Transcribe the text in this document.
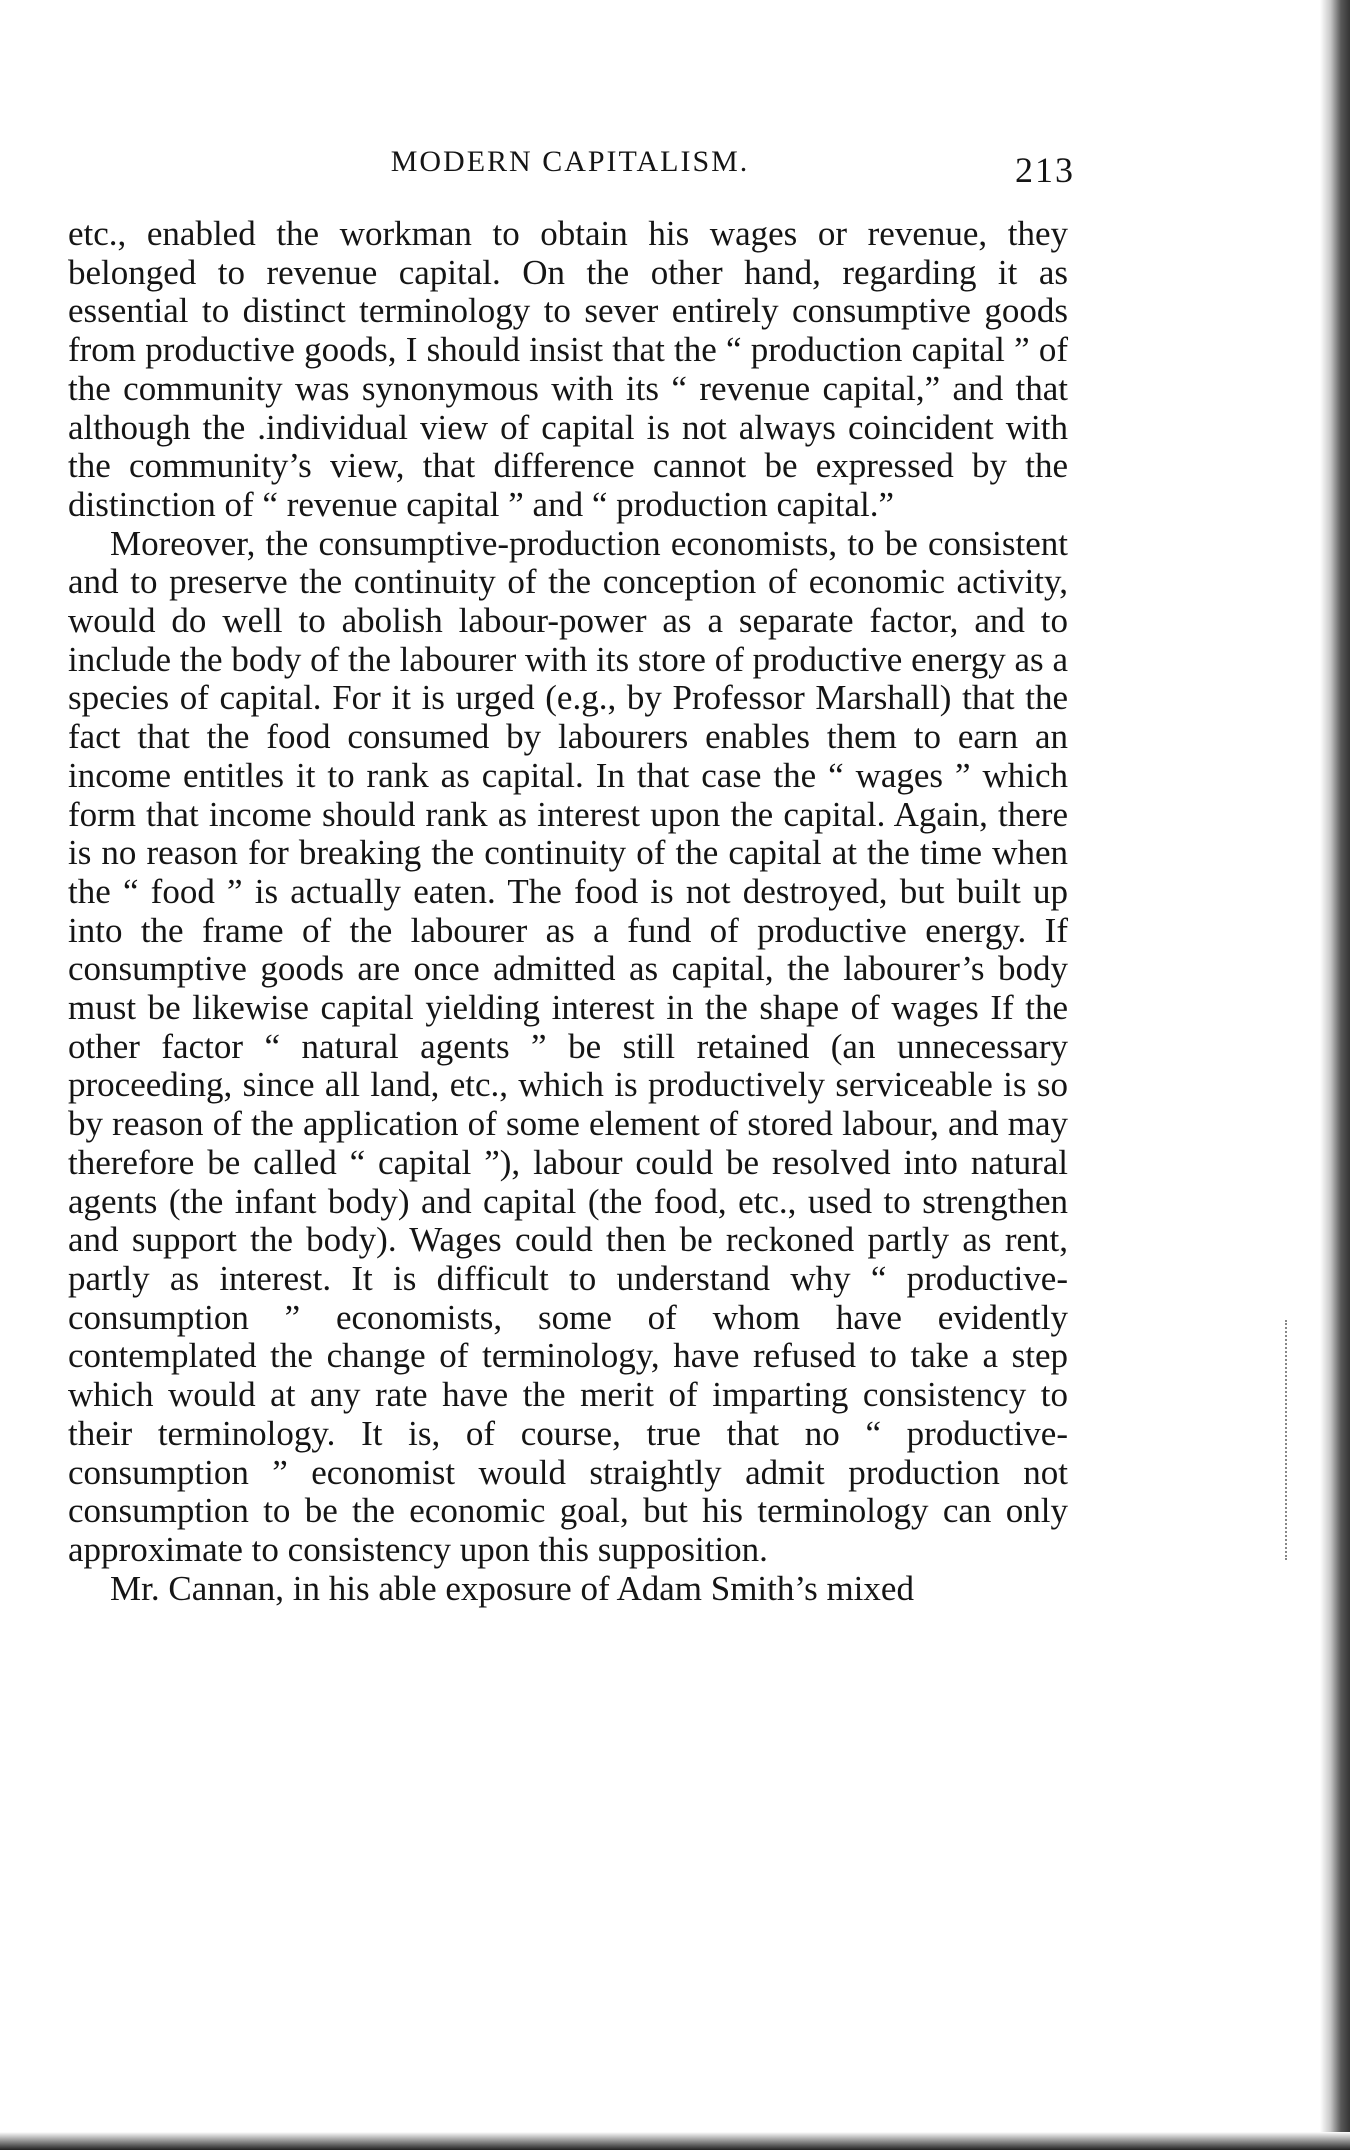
MODERN CAPITALISM.	213

etc., enabled the workman to obtain his wages or revenue, they belonged to revenue capital. On the other hand, regarding it as essential to distinct terminology to sever entirely consumptive goods from productive goods, I should insist that the “ production capital ” of the community was synonymous with its “ revenue capital,” and that although the .individual view of capital is not always coincident with the community’s view, that difference cannot be expressed by the distinction of “ revenue capital ” and “ production capital.”

Moreover, the consumptive-production economists, to be consistent and to preserve the continuity of the conception of economic activity, would do well to abolish labour-power as a separate factor, and to include the body of the labourer with its store of productive energy as a species of capital. For it is urged (e.g., by Professor Marshall) that the fact that the food consumed by labourers enables them to earn an income entitles it to rank as capital. In that case the “ wages ” which form that income should rank as interest upon the capital. Again, there is no reason for breaking the continuity of the capital at the time when the “ food ” is actually eaten. The food is not destroyed, but built up into the frame of the labourer as a fund of productive energy. If consumptive goods are once admitted as capital, the labourer’s body must be likewise capital yielding interest in the shape of wages If the other factor “ natural agents ” be still retained (an unnecessary proceeding, since all land, etc., which is productively serviceable is so by reason of the application of some element of stored labour, and may therefore be called “ capital ”), labour could be resolved into natural agents (the infant body) and capital (the food, etc., used to strengthen and support the body). Wages could then be reckoned partly as rent, partly as interest. It is difficult to understand why “ productive-consumption ” economists, some of whom have evidently contemplated the change of terminology, have refused to take a step which would at any rate have the merit of imparting consistency to their terminology. It is, of course, true that no “ productive-consumption ” economist would straightly admit production not consumption to be the economic goal, but his terminology can only approximate to consistency upon this supposition.

Mr. Cannan, in his able exposure of Adam Smith’s mixed
